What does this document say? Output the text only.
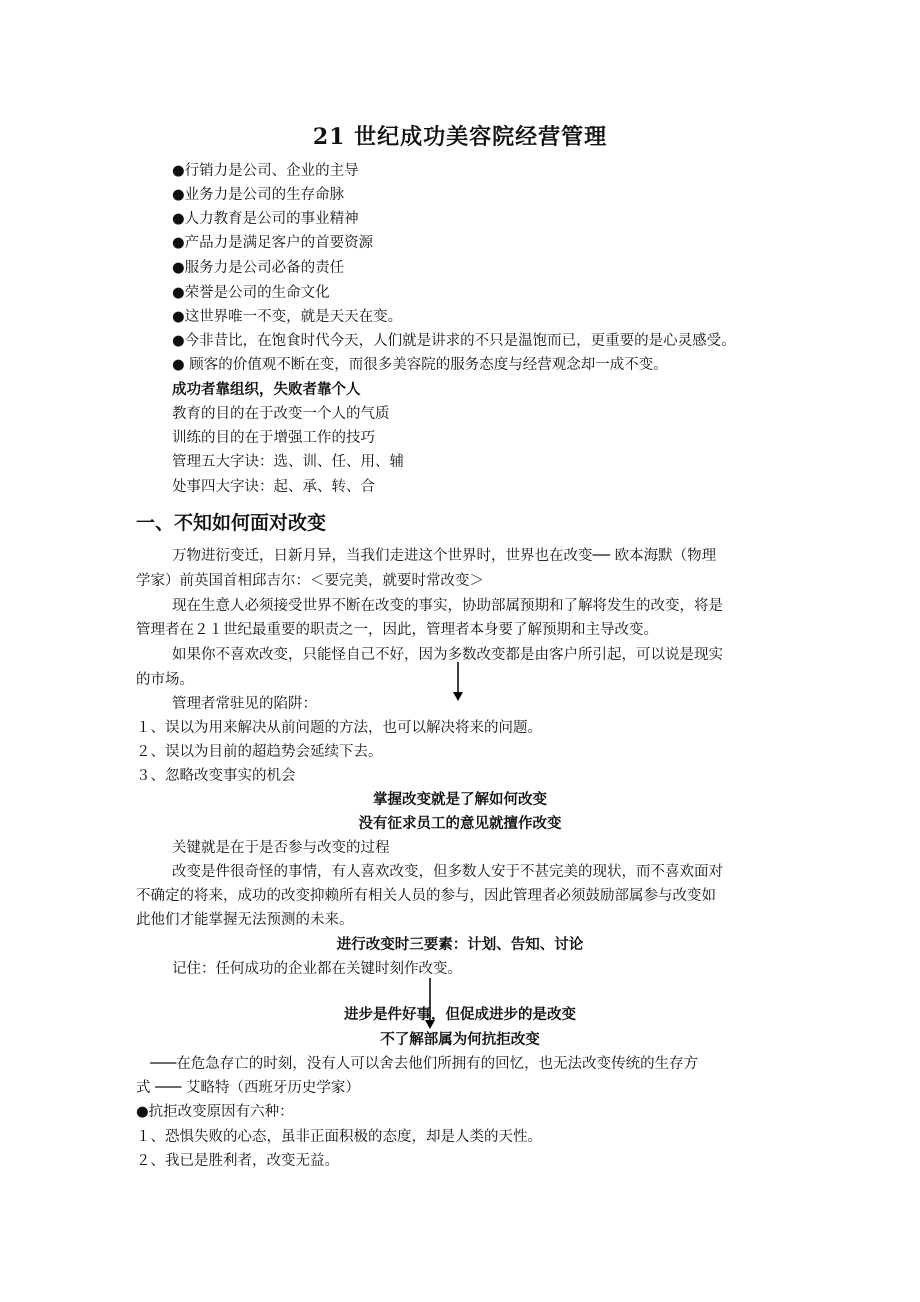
21 世纪成功美容院经营管理
●行销力是公司、企业的主导
●业务力是公司的生存命脉
●人力教育是公司的事业精神
●产品力是满足客户的首要资源
●服务力是公司必备的责任
●荣誉是公司的生命文化
●这世界唯一不变，就是天天在变。
●今非昔比，在饱食时代今天，人们就是讲求的不只是温饱而已，更重要的是心灵感受。
● 顾客的价值观不断在变，而很多美容院的服务态度与经营观念却一成不变。
成功者靠组织，失败者靠个人
教育的目的在于改变一个人的气质
训练的目的在于增强工作的技巧
管理五大字诀：选、训、任、用、辅
处事四大字诀：起、承、转、合
一、不知如何面对改变
万物进衍变迁，日新月异，当我们走进这个世界时，世界也在改变── 欧本海默（物理
学家）前英国首相邱吉尔：＜要完美，就要时常改变＞
现在生意人必须接受世界不断在改变的事实，协助部属预期和了解将发生的改变，将是
管理者在２１世纪最重要的职责之一，因此，管理者本身要了解预期和主导改变。
如果你不喜欢改变，只能怪自己不好，因为多数改变都是由客户所引起，可以说是现实
的市场。
管理者常驻见的陷阱：
１、误以为用来解决从前问题的方法，也可以解决将来的问题。
２、误以为目前的超趋势会延续下去。
３、忽略改变事实的机会
掌握改变就是了解如何改变
没有征求员工的意见就擅作改变
关键就是在于是否参与改变的过程
改变是件很奇怪的事情，有人喜欢改变，但多数人安于不甚完美的现状，而不喜欢面对
不确定的将来，成功的改变抑赖所有相关人员的参与，因此管理者必须鼓励部属参与改变如
此他们才能掌握无法预测的未来。
进行改变时三要素：计划、告知、讨论
记住：任何成功的企业都在关键时刻作改变。
进步是件好事，但促成进步的是改变
不了解部属为何抗拒改变
───在危急存亡的时刻，没有人可以舍去他们所拥有的回忆，也无法改变传统的生存方
式 ─── 艾略特（西班牙历史学家）
●抗拒改变原因有六种：
１、恐惧失败的心态，虽非正面积极的态度，却是人类的天性。
２、我已是胜利者，改变无益。
